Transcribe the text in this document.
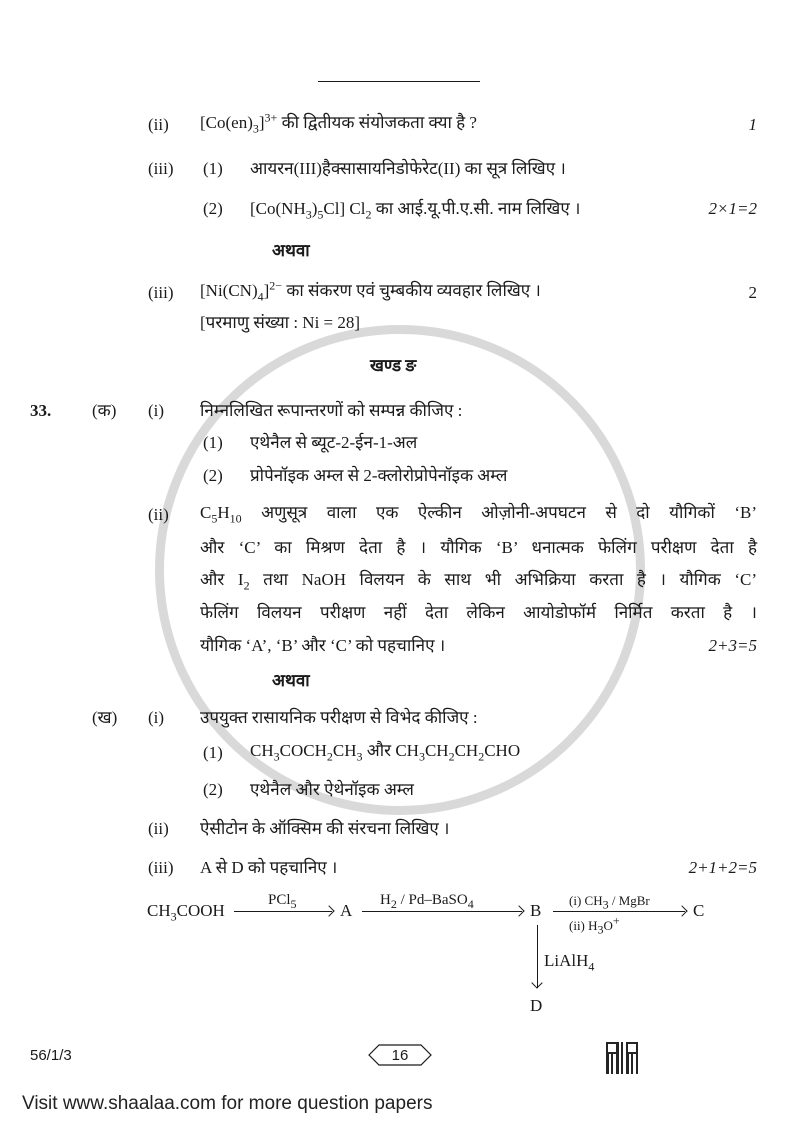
(ii) $[Co(en)_3]^{3+}$ की द्वितीयक संयोजकता क्या है ?	1
(iii) (1) आयरन(III)हैक्सासायनिडोफेरेट(II) का सूत्र लिखिए ।
(2) $[Co(NH_3)_5Cl]$ $Cl_2$ का आई.यू.पी.ए.सी. नाम लिखिए ।	2×1=2
अथवा
(iii) $[Ni(CN)_4]^{2-}$ का संकरण एवं चुम्बकीय व्यवहार लिखिए ।	2
[परमाणु संख्या : Ni = 28]
खण्ड ङ
33. (क) (i) निम्नलिखित रूपान्तरणों को सम्पन्न कीजिए :
(1) एथेनैल से ब्यूट-2-ईन-1-अल
(2) प्रोपेनॉइक अम्ल से 2-क्लोरोप्रोपेनॉइक अम्ल
(ii) $C_5H_{10}$ अणुसूत्र वाला एक ऐल्कीन ओज़ोनी-अपघटन से दो यौगिकों ‘B’
और ‘C’ का मिश्रण देता है । यौगिक ‘B’ धनात्मक फेलिंग परीक्षण देता है
और $I_2$ तथा NaOH विलयन के साथ भी अभिक्रिया करता है । यौगिक ‘C’
फेलिंग विलयन परीक्षण नहीं देता लेकिन आयोडोफॉर्म निर्मित करता है ।
यौगिक ‘A’, ‘B’ और ‘C’ को पहचानिए ।	2+3=5
अथवा
(ख) (i) उपयुक्त रासायनिक परीक्षण से विभेद कीजिए :
(1) $CH_3COCH_2CH_3$ और $CH_3CH_2CH_2CHO$
(2) एथेनैल और ऐथेनॉइक अम्ल
(ii) ऐसीटोन के ऑक्सिम की संरचना लिखिए ।
(iii) A से D को पहचानिए ।	2+1+2=5
$CH_3COOH$
PCl$_5$	A
$H_2$ / Pd–BaSO$_4$	B
(i) $CH_3$ / MgBr
(ii) $H_3O^+$
C
LiAlH$_4$
D
56/1/3	16
Visit www.shaalaa.com for more question papers
